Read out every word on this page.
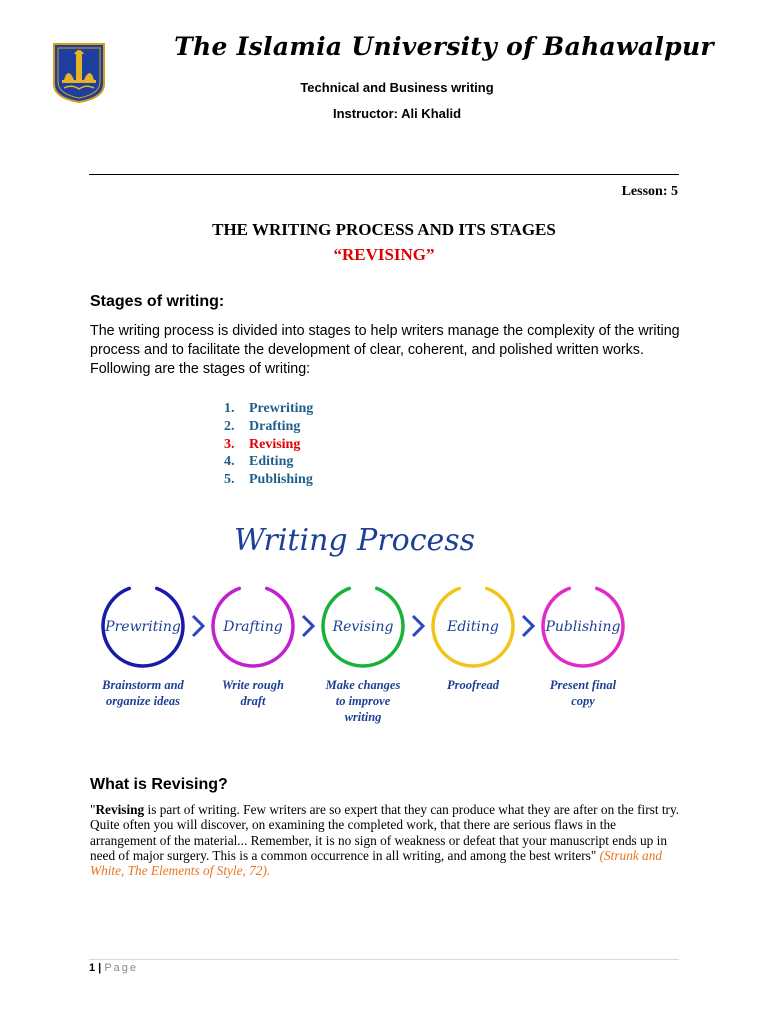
The Islamia University of Bahawalpur
Technical and Business writing
Instructor: Ali Khalid
Lesson: 5
THE WRITING PROCESS AND ITS STAGES
“REVISING”
Stages of writing:
The writing process is divided into stages to help writers manage the complexity of the writing process and to facilitate the development of clear, coherent, and polished written works. Following are the stages of writing:
1. Prewriting
2. Drafting
3. Revising
4. Editing
5. Publishing
Writing Process
Prewriting
Brainstorm and
organize ideas
Drafting
Write rough
draft
Revising
Make changes
to improve
writing
Editing
Proofread
Publishing
Present final
copy
What is Revising?
"Revising is part of writing. Few writers are so expert that they can produce what they are after on the first try. Quite often you will discover, on examining the completed work, that there are serious flaws in the arrangement of the material... Remember, it is no sign of weakness or defeat that your manuscript ends up in need of major surgery. This is a common occurrence in all writing, and among the best writers" (Strunk and White, The Elements of Style, 72).
1 | Page
